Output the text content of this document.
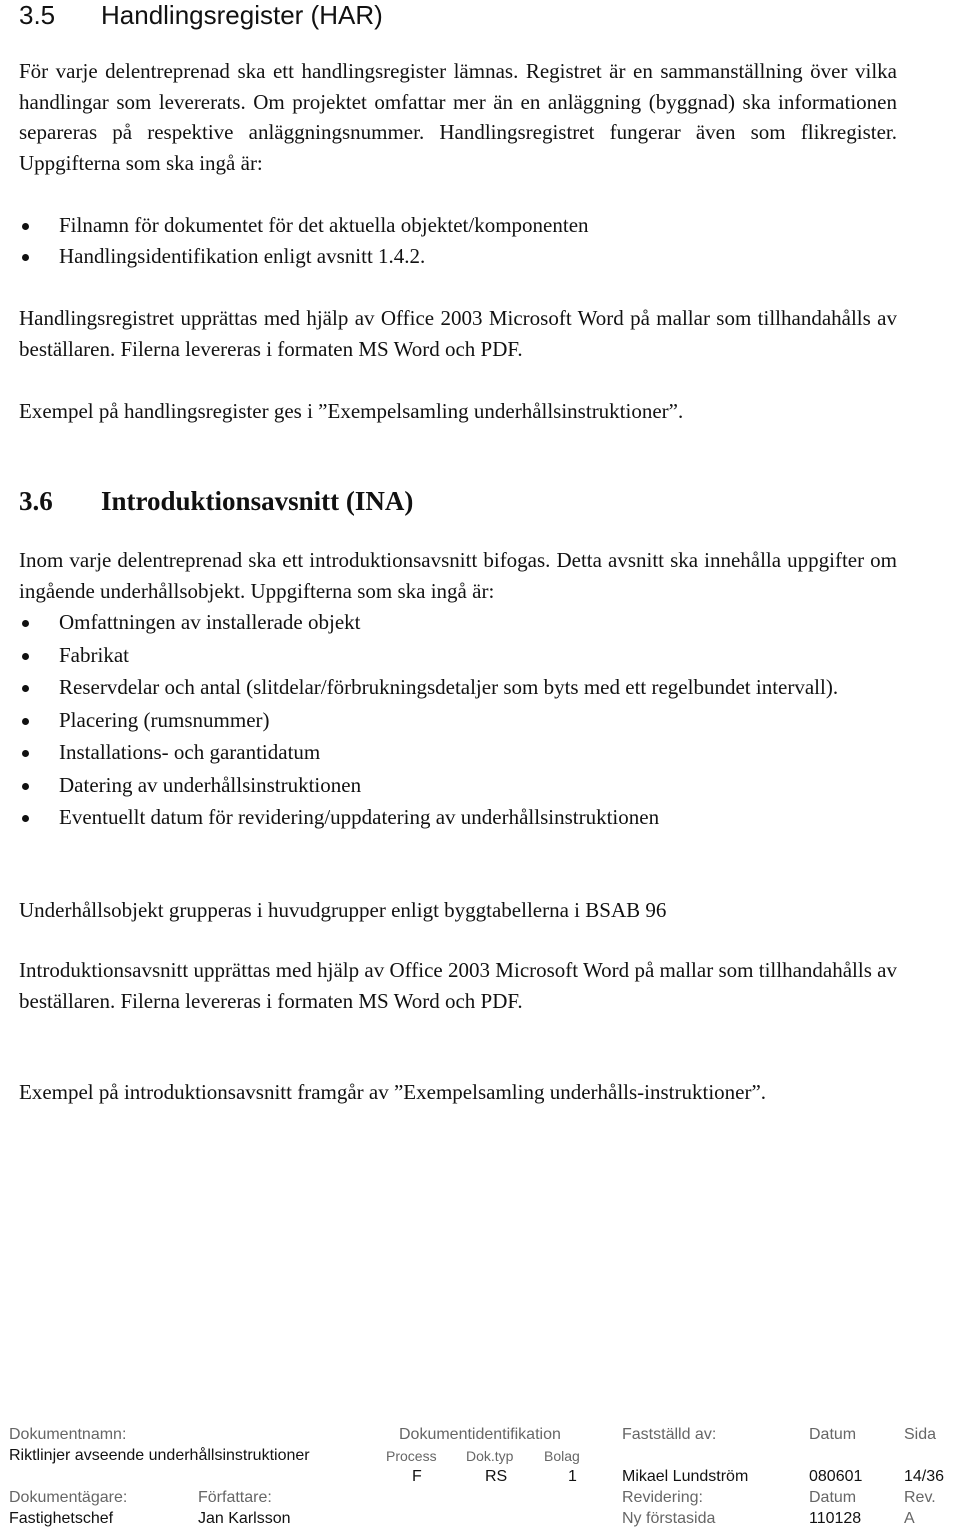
3.5	Handlingsregister (HAR)

För varje delentreprenad ska ett handlingsregister lämnas. Registret är en sammanställning över vilka handlingar som levererats. Om projektet omfattar mer än en anläggning (byggnad) ska informationen separeras på respektive anläggningsnummer. Handlingsregistret fungerar även som flikregister. Uppgifterna som ska ingå är:

Filnamn för dokumentet för det aktuella objektet/komponenten
Handlingsidentifikation enligt avsnitt 1.4.2.

Handlingsregistret upprättas med hjälp av Office 2003 Microsoft Word på mallar som tillhandahålls av beställaren. Filerna levereras i formaten MS Word och PDF.

Exempel på handlingsregister ges i ”Exempelsamling underhållsinstruktioner”.

3.6	Introduktionsavsnitt (INA)

Inom varje delentreprenad ska ett introduktionsavsnitt bifogas. Detta avsnitt ska innehålla uppgifter om ingående underhållsobjekt. Uppgifterna som ska ingå är:

Omfattningen av installerade objekt
Fabrikat
Reservdelar och antal (slitdelar/förbrukningsdetaljer som byts med ett regelbundet intervall).
Placering (rumsnummer)
Installations- och garantidatum
Datering av underhållsinstruktionen
Eventuellt datum för revidering/uppdatering av underhållsinstruktionen

Underhållsobjekt grupperas i huvudgrupper enligt byggtabellerna i BSAB 96

Introduktionsavsnitt upprättas med hjälp av Office 2003 Microsoft Word på mallar som tillhandahålls av beställaren. Filerna levereras i formaten MS Word och PDF.

Exempel på introduktionsavsnitt framgår av ”Exempelsamling underhålls-instruktioner”.

Dokumentnamn:	Dokumentidentifikation	Fastställd av:	Datum	Sida
Riktlinjer avseende underhållsinstruktioner	Process Dok.typ Bolag
F	RS	1	Mikael Lundström	080601	14/36
Dokumentägare:	Författare:	Revidering:	Datum	Rev.
Fastighetschef	Jan Karlsson	Ny förstasida	110128	A
